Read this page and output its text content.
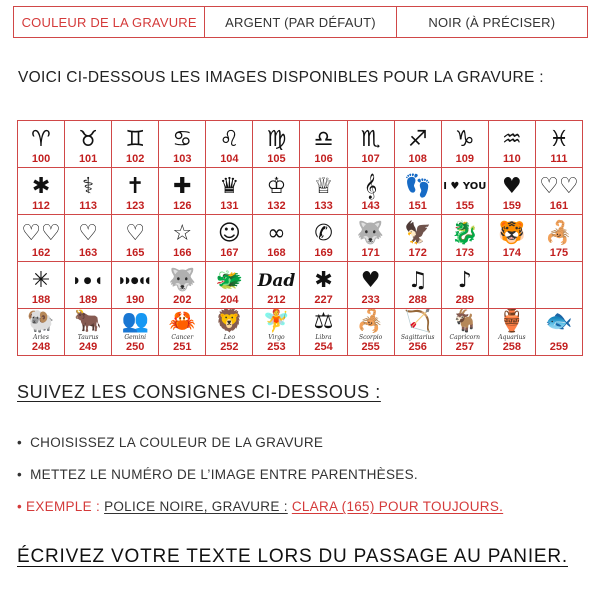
COULEUR DE LA GRAVURE	ARGENT (PAR DÉFAUT)	NOIR (À PRÉCISER)
VOICI CI-DESSOUS LES IMAGES DISPONIBLES POUR LA GRAVURE :
♈
100
♉
101
♊
102
♋
103
♌
104
♍
105
♎
106
♏
107
♐
108
♑
109
♒
110
♓
111
✱
112
⚕
113
✝
123
✚
126
♛
131
♔
132
♕
133
𝄞
143
👣
151
I ♥ YOU
155
♥
159
♡♡
161
♡♡
162
♡
163
♡
165
☆
166
☺
167
∞
168
✆
169
🐺
171
🦅
172
🐉
173
🐯
174
🦂
175
✳
188
◗ ● ◖
189
◗◗●◖◖
190
🐺
202
🐲
204
Dad
212
✱
227
♥
233
♫
288
♪
289
🐏
Aries
248
🐂
Taurus
249
👥
Gemini
250
🦀
Cancer
251
🦁
Leo
252
🧚
Virgo
253
⚖
Libra
254
🦂
Scorpio
255
🏹
Sagittarius
256
🐐
Capricorn
257
🏺
Aquarius
258
🐟
259
SUIVEZ LES CONSIGNES CI-DESSOUS :
• CHOISISSEZ LA COULEUR DE LA GRAVURE
• METTEZ LE NUMÉRO DE L’IMAGE ENTRE PARENTHÈSES.
• EXEMPLE : POLICE NOIRE, GRAVURE : CLARA (165) POUR TOUJOURS.
ÉCRIVEZ VOTRE TEXTE LORS DU PASSAGE AU PANIER.
